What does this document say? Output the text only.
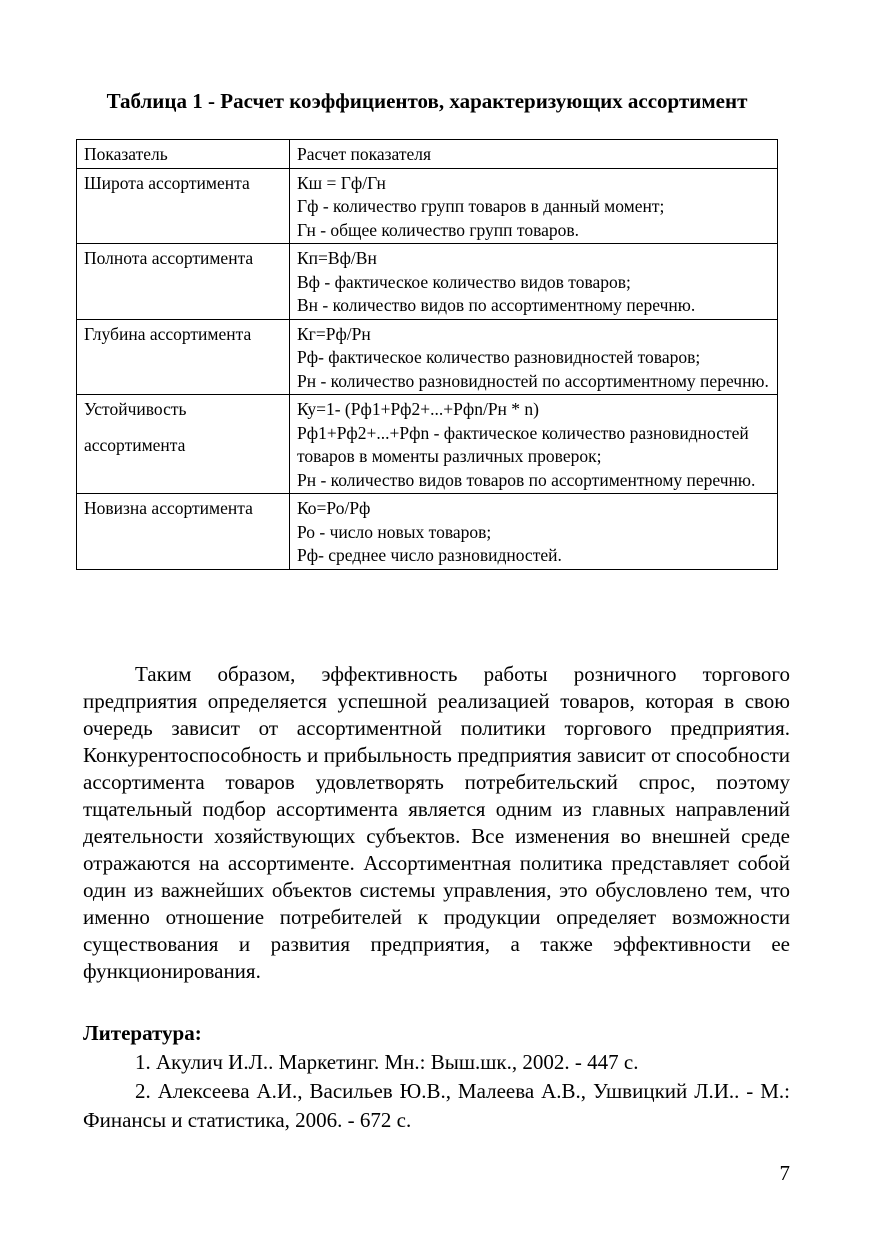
Таблица 1 - Расчет коэффициентов, характеризующих ассортимент
Показатель	Расчет показателя
Широта ассортимента	Кш = Гф/Гн
Гф - количество групп товаров в данный момент;
Гн - общее количество групп товаров.

Полнота ассортимента	Кп=Вф/Вн
Вф - фактическое количество видов товаров;
Вн - количество видов по ассортиментному перечню.

Глубина ассортимента	Кг=Рф/Рн
Рф- фактическое количество разновидностей товаров;
Рн - количество разновидностей по ассортиментному перечню.

Устойчивость
ассортимента	Ку=1- (Рф1+Рф2+...+Рфn/Рн * n)
Рф1+Рф2+...+Рфn - фактическое количество разновидностей товаров в моменты различных проверок;
Рн - количество видов товаров по ассортиментному перечню.

Новизна ассортимента	Ко=Ро/Рф
Ро - число новых товаров;
Рф- среднее число разновидностей.

Таким образом, эффективность работы розничного торгового предприятия определяется успешной реализацией товаров, которая в свою очередь зависит от ассортиментной политики торгового предприятия. Конкурентоспособность и прибыльность предприятия зависит от способности ассортимента товаров удовлетворять потребительский спрос, поэтому тщательный подбор ассортимента является одним из главных направлений деятельности хозяйствующих субъектов. Все изменения во внешней среде отражаются на ассортименте. Ассортиментная политика представляет собой один из важнейших объектов системы управления, это обусловлено тем, что именно отношение потребителей к продукции определяет возможности существования и развития предприятия, а также эффективности ее функционирования.

Литература:

1. Акулич И.Л.. Маркетинг. Мн.: Выш.шк., 2002. - 447 с.

2. Алексеева А.И., Васильев Ю.В., Малеева А.В., Ушвицкий Л.И.. - М.: Финансы и статистика, 2006. - 672 с.

7
